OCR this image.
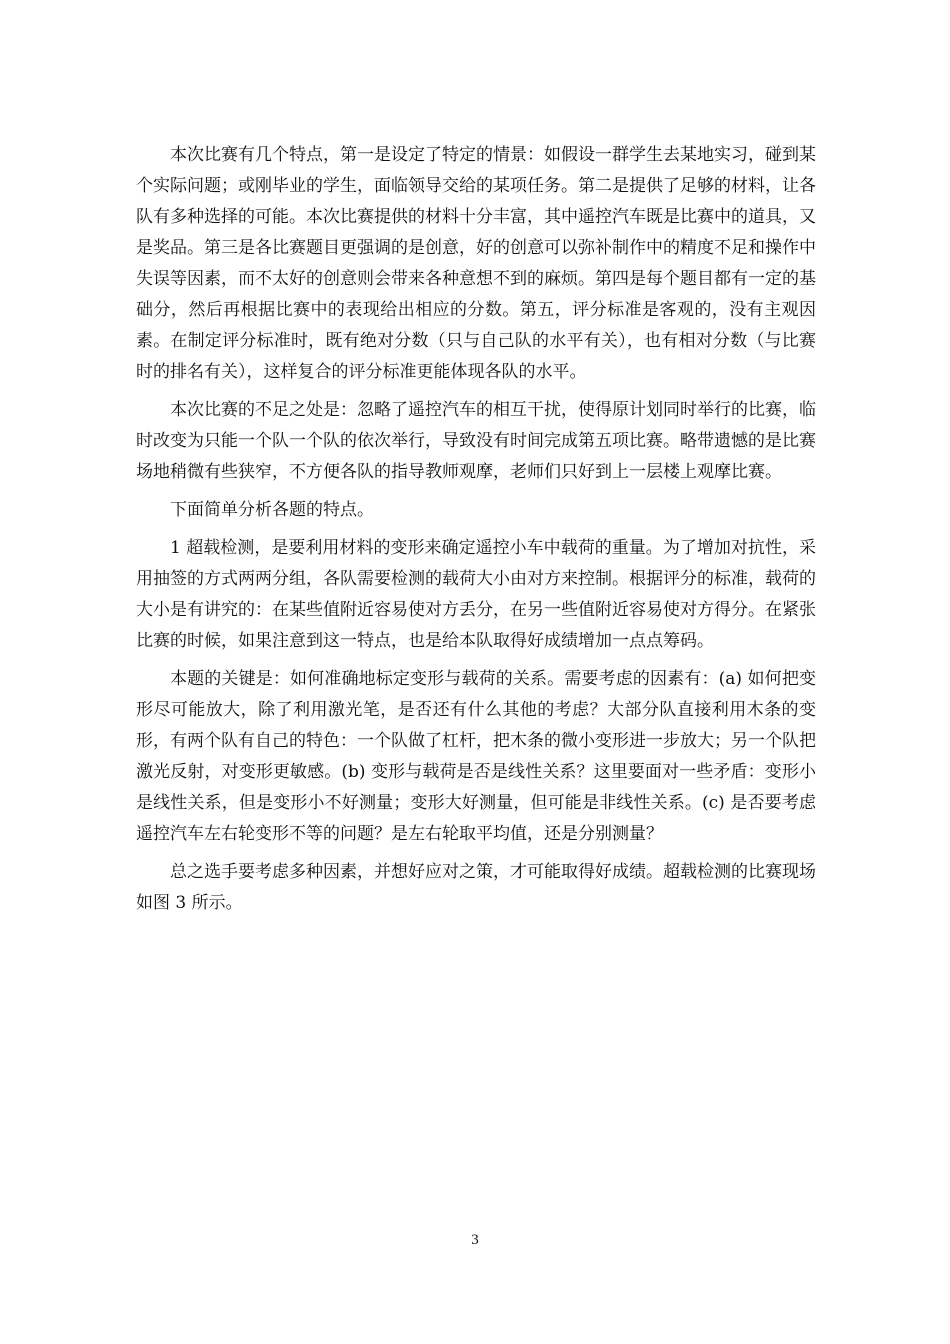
本次比赛有几个特点，第一是设定了特定的情景：如假设一群学生去某地实习，碰到某个实际问题；或刚毕业的学生，面临领导交给的某项任务。第二是提供了足够的材料，让各队有多种选择的可能。本次比赛提供的材料十分丰富，其中遥控汽车既是比赛中的道具，又是奖品。第三是各比赛题目更强调的是创意，好的创意可以弥补制作中的精度不足和操作中失误等因素，而不太好的创意则会带来各种意想不到的麻烦。第四是每个题目都有一定的基础分，然后再根据比赛中的表现给出相应的分数。第五，评分标准是客观的，没有主观因素。在制定评分标准时，既有绝对分数（只与自己队的水平有关），也有相对分数（与比赛时的排名有关），这样复合的评分标准更能体现各队的水平。

本次比赛的不足之处是：忽略了遥控汽车的相互干扰，使得原计划同时举行的比赛，临时改变为只能一个队一个队的依次举行，导致没有时间完成第五项比赛。略带遗憾的是比赛场地稍微有些狭窄，不方便各队的指导教师观摩，老师们只好到上一层楼上观摩比赛。

下面简单分析各题的特点。

1 超载检测，是要利用材料的变形来确定遥控小车中载荷的重量。为了增加对抗性，采用抽签的方式两两分组，各队需要检测的载荷大小由对方来控制。根据评分的标准，载荷的大小是有讲究的：在某些值附近容易使对方丢分，在另一些值附近容易使对方得分。在紧张比赛的时候，如果注意到这一特点，也是给本队取得好成绩增加一点点筹码。

本题的关键是：如何准确地标定变形与载荷的关系。需要考虑的因素有：(a) 如何把变形尽可能放大，除了利用激光笔，是否还有什么其他的考虑？大部分队直接利用木条的变形，有两个队有自己的特色：一个队做了杠杆，把木条的微小变形进一步放大；另一个队把激光反射，对变形更敏感。(b) 变形与载荷是否是线性关系？这里要面对一些矛盾：变形小是线性关系，但是变形小不好测量；变形大好测量，但可能是非线性关系。(c) 是否要考虑遥控汽车左右轮变形不等的问题？是左右轮取平均值，还是分别测量？

总之选手要考虑多种因素，并想好应对之策，才可能取得好成绩。超载检测的比赛现场如图 3 所示。

3
